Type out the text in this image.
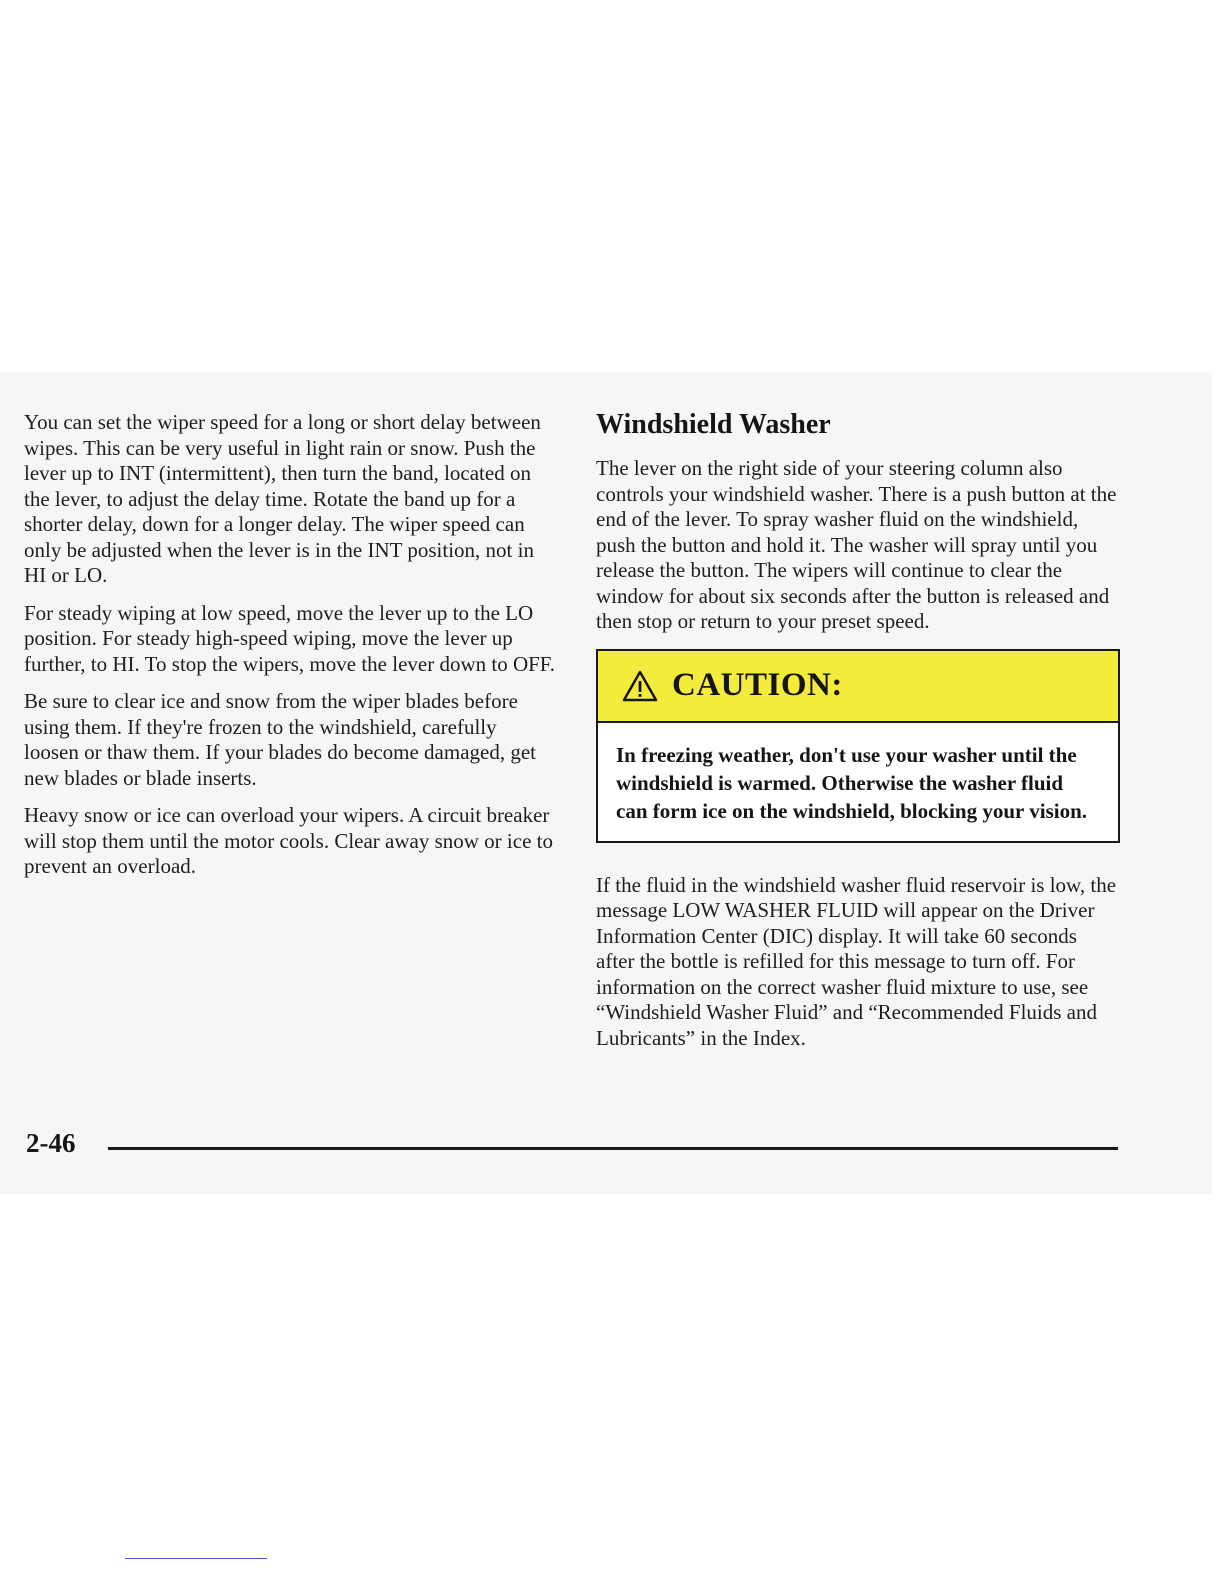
You can set the wiper speed for a long or short delay between wipes. This can be very useful in light rain or snow. Push the lever up to INT (intermittent), then turn the band, located on the lever, to adjust the delay time. Rotate the band up for a shorter delay, down for a longer delay. The wiper speed can only be adjusted when the lever is in the INT position, not in HI or LO.

For steady wiping at low speed, move the lever up to the LO position. For steady high-speed wiping, move the lever up further, to HI. To stop the wipers, move the lever down to OFF.

Be sure to clear ice and snow from the wiper blades before using them. If they're frozen to the windshield, carefully loosen or thaw them. If your blades do become damaged, get new blades or blade inserts.

Heavy snow or ice can overload your wipers. A circuit breaker will stop them until the motor cools. Clear away snow or ice to prevent an overload.

Windshield Washer

The lever on the right side of your steering column also controls your windshield washer. There is a push button at the end of the lever. To spray washer fluid on the windshield, push the button and hold it. The washer will spray until you release the button. The wipers will continue to clear the window for about six seconds after the button is released and then stop or return to your preset speed.

CAUTION:
In freezing weather, don't use your washer until the windshield is warmed. Otherwise the washer fluid can form ice on the windshield, blocking your vision.

If the fluid in the windshield washer fluid reservoir is low, the message LOW WASHER FLUID will appear on the Driver Information Center (DIC) display. It will take 60 seconds after the bottle is refilled for this message to turn off. For information on the correct washer fluid mixture to use, see “Windshield Washer Fluid” and “Recommended Fluids and Lubricants” in the Index.

2-46
